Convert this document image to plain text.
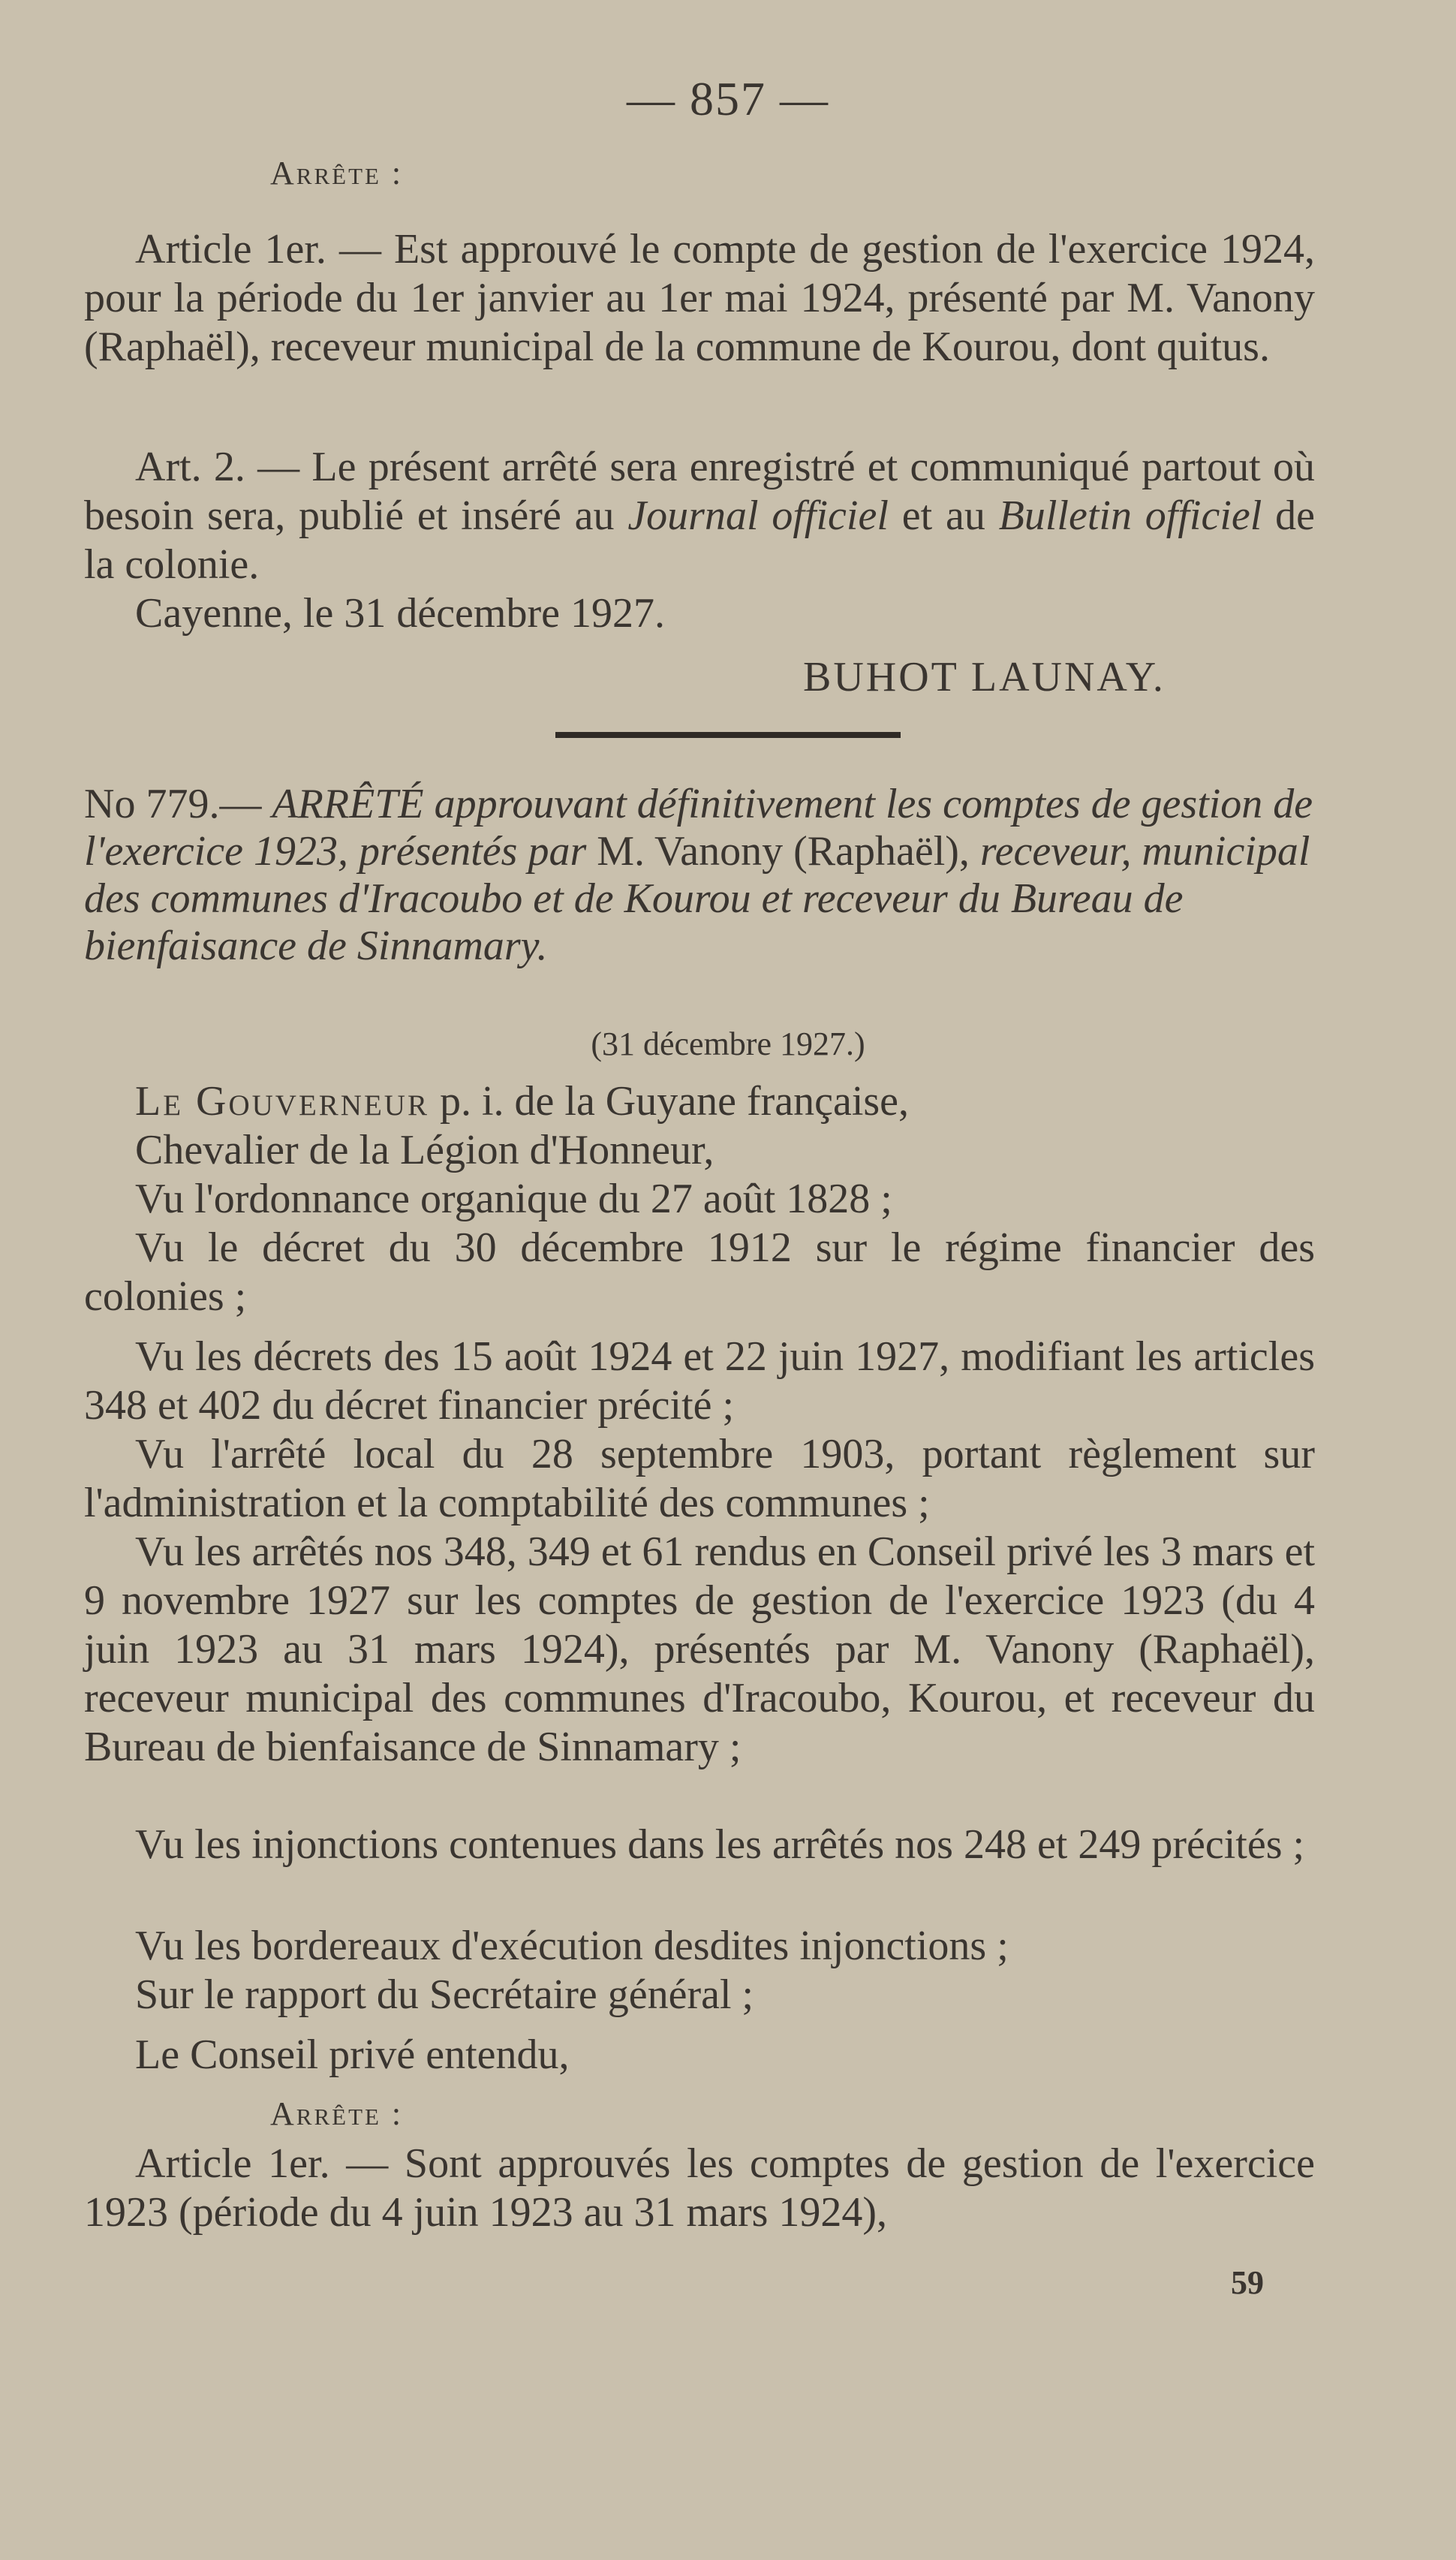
— 857 —
Arrête :
Article 1er. — Est approuvé le compte de gestion de l'exercice 1924, pour la période du 1er janvier au 1er mai 1924, présenté par M. Vanony (Raphaël), receveur municipal de la commune de Kourou, dont quitus.
Art. 2. — Le présent arrêté sera enregistré et communiqué partout où besoin sera, publié et inséré au Journal officiel et au Bulletin officiel de la colonie.
Cayenne, le 31 décembre 1927.
BUHOT LAUNAY.
No 779.— ARRÊTÉ approuvant définitivement les comptes de gestion de l'exercice 1923, présentés par M. Vanony (Raphaël), receveur, municipal des communes d'Iracoubo et de Kourou et receveur du Bureau de bienfaisance de Sinnamary.
(31 décembre 1927.)
Le Gouverneur p. i. de la Guyane française,
Chevalier de la Légion d'Honneur,
Vu l'ordonnance organique du 27 août 1828 ;
Vu le décret du 30 décembre 1912 sur le régime financier des colonies ;
Vu les décrets des 15 août 1924 et 22 juin 1927, modifiant les articles 348 et 402 du décret financier précité ;
Vu l'arrêté local du 28 septembre 1903, portant règlement sur l'administration et la comptabilité des communes ;
Vu les arrêtés nos 348, 349 et 61 rendus en Conseil privé les 3 mars et 9 novembre 1927 sur les comptes de gestion de l'exercice 1923 (du 4 juin 1923 au 31 mars 1924), présentés par M. Vanony (Raphaël), receveur municipal des communes d'Iracoubo, Kourou, et receveur du Bureau de bienfaisance de Sinnamary ;
Vu les injonctions contenues dans les arrêtés nos 248 et 249 précités ;
Vu les bordereaux d'exécution desdites injonctions ;
Sur le rapport du Secrétaire général ;
Le Conseil privé entendu,
Arrête :
Article 1er. — Sont approuvés les comptes de gestion de l'exercice 1923 (période du 4 juin 1923 au 31 mars 1924),
59
